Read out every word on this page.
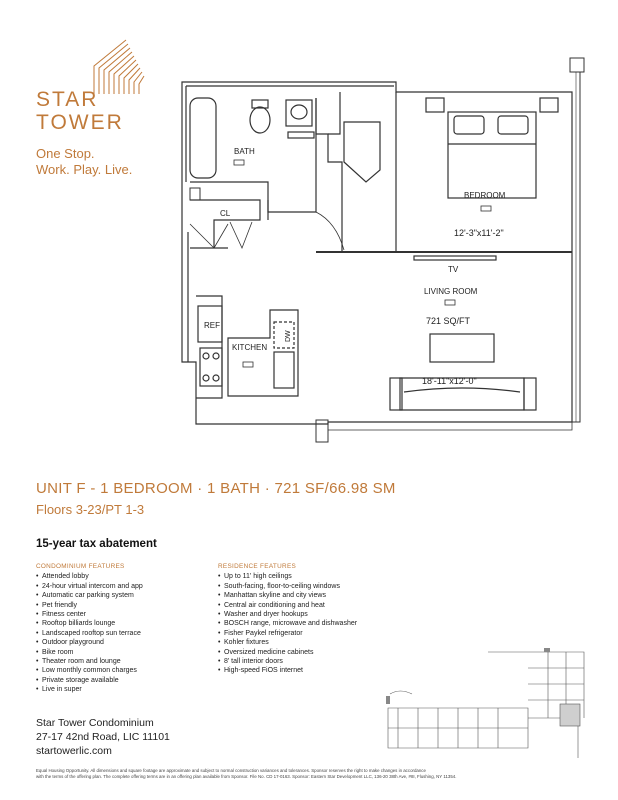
STAR
TOWER
One Stop.
Work. Play. Live.
BATH
CL
BEDROOM
12'-3"x11'-2"
TV
LIVING ROOM
721 SQ/FT
18'-11"x12'-0"
REF
KITCHEN
DW
UNIT F - 1 BEDROOM · 1 BATH · 721 SF/66.98 SM
Floors 3-23/PT 1-3
15-year tax abatement
CONDOMINIUM FEATURES
• Attended lobby
• 24-hour virtual intercom and app
• Automatic car parking system
• Pet friendly
• Fitness center
• Rooftop billiards lounge
• Landscaped rooftop sun terrace
• Outdoor playground
• Bike room
• Theater room and lounge
• Low monthly common charges
• Private storage available
• Live in super
RESIDENCE FEATURES
• Up to 11' high ceilings
• South-facing, floor-to-ceiling windows
• Manhattan skyline and city views
• Central air conditioning and heat
• Washer and dryer hookups
• BOSCH range, microwave and dishwasher
• Fisher Paykel refrigerator
• Kohler fixtures
• Oversized medicine cabinets
• 8' tall interior doors
• High-speed FiOS internet
Star Tower Condominium
27-17 42nd Road, LIC 11101
startowerlic.com
Equal Housing Opportunity. All dimensions and square footage are approximate and subject to normal construction variances and tolerances. Sponsor reserves the right to make changes in accordance
with the terms of the offering plan. The complete offering terms are in an offering plan available from Sponsor. File No. CD 17-0163. Sponsor: Eastern Star Development LLC, 136-20 38th Ave, #8I, Flushing, NY 11354.
